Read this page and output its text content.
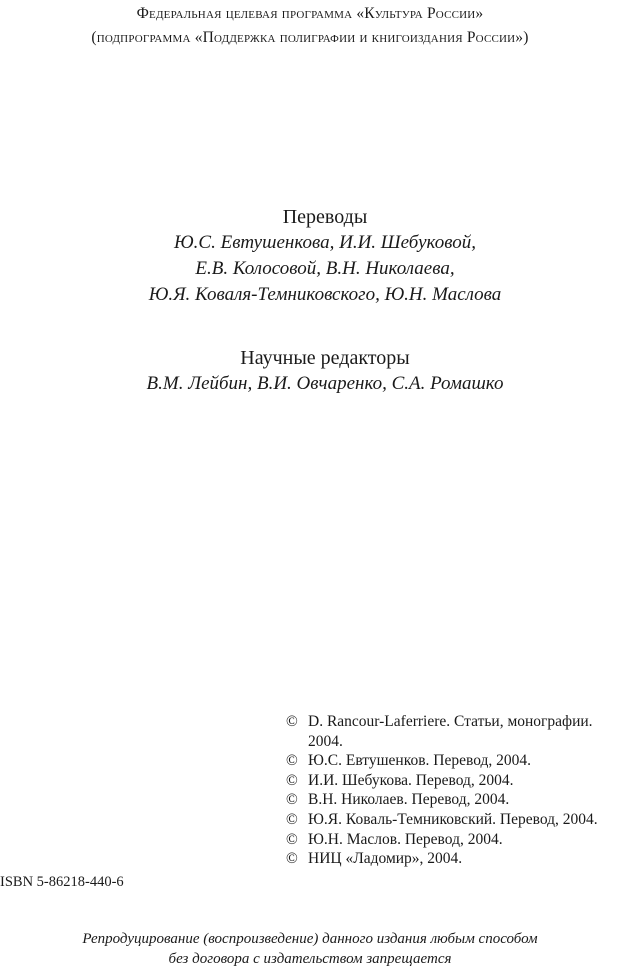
Федеральная целевая программа «Культура России»
(подпрограмма «Поддержка полиграфии и книгоиздания России»)
Переводы
Ю.С. Евтушенкова, И.И. Шебуковой,
Е.В. Колосовой, В.Н. Николаева,
Ю.Я. Коваля-Темниковского, Ю.Н. Маслова
Научные редакторы
В.М. Лейбин, В.И. Овчаренко, С.А. Ромашко
© D. Rancour-Laferriere. Статьи, монографии. 2004.
© Ю.С. Евтушенков. Перевод, 2004.
© И.И. Шебукова. Перевод, 2004.
© В.Н. Николаев. Перевод, 2004.
© Ю.Я. Коваль-Темниковский. Перевод, 2004.
© Ю.Н. Маслов. Перевод, 2004.
© НИЦ «Ладомир», 2004.
ISBN 5-86218-440-6
Репродуцирование (воспроизведение) данного издания любым способом
без договора с издательством запрещается
